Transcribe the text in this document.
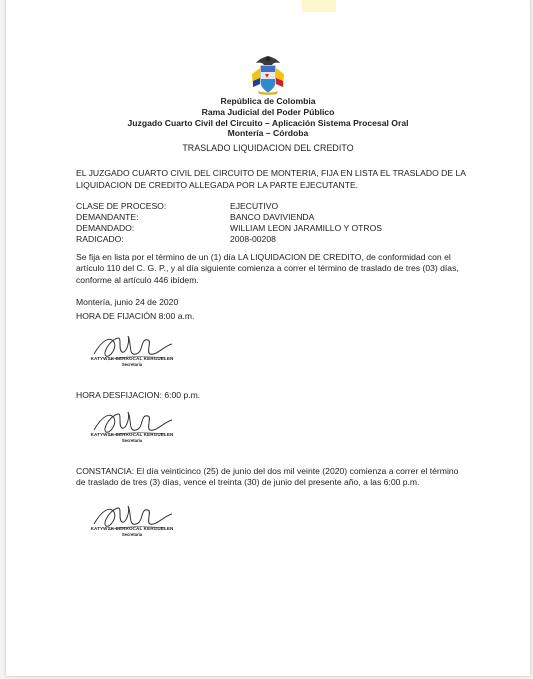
República de Colombia
Rama Judicial del Poder Público
Juzgado Cuarto Civil del Circuito – Aplicación Sistema Procesal Oral
Montería – Córdoba
TRASLADO LIQUIDACION DEL CREDITO
EL JUZGADO CUARTO CIVIL DEL CIRCUITO DE MONTERIA, FIJA EN LISTA EL TRASLADO DE LA LIQUIDACION DE CREDITO ALLEGADA POR LA PARTE EJECUTANTE.
CLASE DE PROCESO:	EJECUTIVO
DEMANDANTE:	BANCO DAVIVIENDA
DEMANDADO:	WILLIAM LEON JARAMILLO Y OTROS
RADICADO:	2008-00208
Se fija en lista por el término de un (1) día LA LIQUIDACION DE CREDITO, de conformidad con el artículo 110 del C. G. P., y al día siguiente comienza a correr el término de traslado de tres (03) días, conforme al artículo 446 ibídem.
Montería, junio 24 de 2020
HORA DE FIJACIÓN 8:00 a.m.
KATYWSK BERROCAL KERGUELEN
Secretaria
HORA DESFIJACION: 6:00 p.m.
KATYWSK BERROCAL KERGUELEN
Secretaria
CONSTANCIA: El día veinticinco (25) de junio del dos mil veinte (2020) comienza a correr el término de traslado de tres (3) días, vence el treinta (30) de junio del presente año, a las 6:00 p.m.
KATYWSK BERROCAL KERGUELEN
Secretaria
